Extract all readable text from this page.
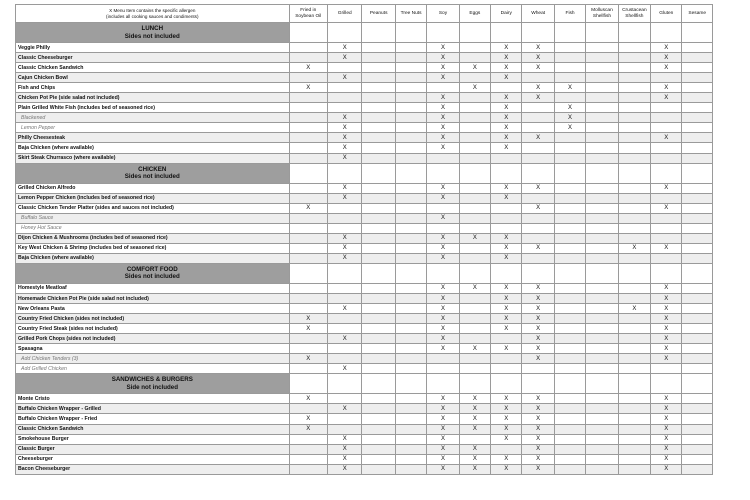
X Menu Item contains the specific allergen
(includes all cooking sauces and condiments)	Fried in Soybean Oil	Grilled	Peanuts	Tree Nuts	Soy	Eggs	Dairy	Wheat	Fish	Molluscan Shellfish	Crustacean Shellfish	Gluten	Sesame

LUNCH
Sides not included													

Veggie Philly		X			X		X	X				X	
Classic Cheeseburger		X			X		X	X				X	
Classic Chicken Sandwich	X				X	X	X	X				X	
Cajun Chicken Bowl		X			X		X						
Fish and Chips	X					X		X	X			X	
Chicken Pot Pie (side salad not included)					X		X	X				X	
Plain Grilled White Fish (includes bed of seasoned rice)					X		X		X				
Blackened		X			X		X		X				
Lemon Pepper		X			X		X		X				
Philly Cheesesteak		X			X		X	X				X	
Baja Chicken (where available)		X			X		X						
Skirt Steak Churrasco (where available)		X											

CHICKEN
Sides not included													

Grilled Chicken Alfredo		X			X		X	X				X	
Lemon Pepper Chicken (includes bed of seasoned rice)		X			X		X						
Classic Chicken Tender Platter (sides and sauces not included)	X							X				X	
Buffalo Sauce					X								
Honey Hot Sauce													
Dijon Chicken & Mushrooms (includes bed of seasoned rice)		X			X	X	X						
Key West Chicken & Shrimp (includes bed of seasoned rice)		X			X		X	X			X	X	
Baja Chicken (where available)		X			X		X						

COMFORT FOOD
Sides not included													

Homestyle Meatloaf					X	X	X	X				X	
Homemade Chicken Pot Pie (side salad not included)					X		X	X				X	
New Orleans Pasta		X			X		X	X			X	X	
Country Fried Chicken (sides not included)	X				X		X	X				X	
Country Fried Steak (sides not included)	X				X		X	X				X	
Grilled Pork Chops (sides not included)		X			X			X				X	
Spasagna					X	X	X	X				X	
Add Chicken Tenders (3)	X							X				X	
Add Grilled Chicken		X											

SANDWICHES & BURGERS
Side not included													

Monte Cristo	X				X	X	X	X				X	
Buffalo Chicken Wrapper - Grilled		X			X	X	X	X				X	
Buffalo Chicken Wrapper - Fried	X				X	X	X	X				X	
Classic Chicken Sandwich	X				X	X	X	X				X	
Smokehouse Burger		X			X		X	X				X	
Classic Burger		X			X	X		X				X	
Cheeseburger		X			X	X	X	X				X	
Bacon Cheeseburger		X			X	X	X	X				X	
